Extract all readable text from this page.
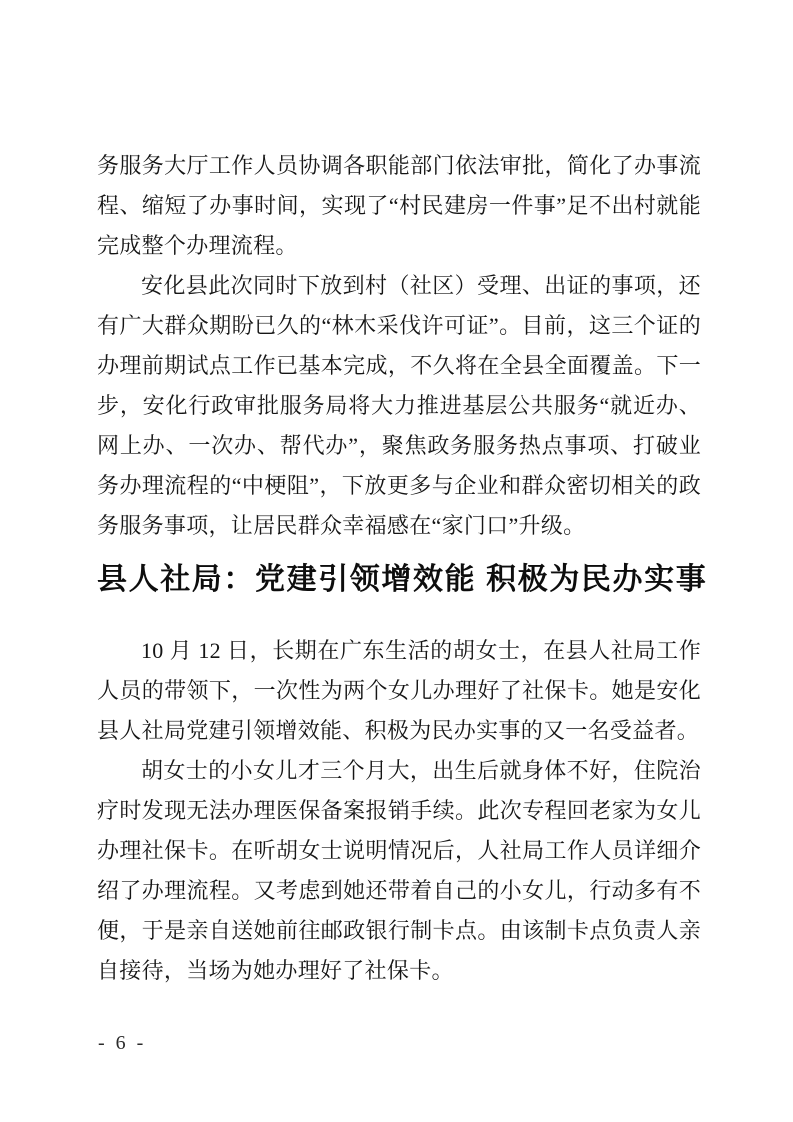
务服务大厅工作人员协调各职能部门依法审批，简化了办事流程、缩短了办事时间，实现了“村民建房一件事”足不出村就能完成整个办理流程。

安化县此次同时下放到村（社区）受理、出证的事项，还有广大群众期盼已久的“林木采伐许可证”。目前，这三个证的办理前期试点工作已基本完成，不久将在全县全面覆盖。下一步，安化行政审批服务局将大力推进基层公共服务“就近办、网上办、一次办、帮代办”，聚焦政务服务热点事项、打破业务办理流程的“中梗阻”，下放更多与企业和群众密切相关的政务服务事项，让居民群众幸福感在“家门口”升级。

县人社局：党建引领增效能 积极为民办实事

10 月 12 日，长期在广东生活的胡女士，在县人社局工作人员的带领下，一次性为两个女儿办理好了社保卡。她是安化县人社局党建引领增效能、积极为民办实事的又一名受益者。

胡女士的小女儿才三个月大，出生后就身体不好，住院治疗时发现无法办理医保备案报销手续。此次专程回老家为女儿办理社保卡。在听胡女士说明情况后，人社局工作人员详细介绍了办理流程。又考虑到她还带着自己的小女儿，行动多有不便，于是亲自送她前往邮政银行制卡点。由该制卡点负责人亲自接待，当场为她办理好了社保卡。

- 6 -
